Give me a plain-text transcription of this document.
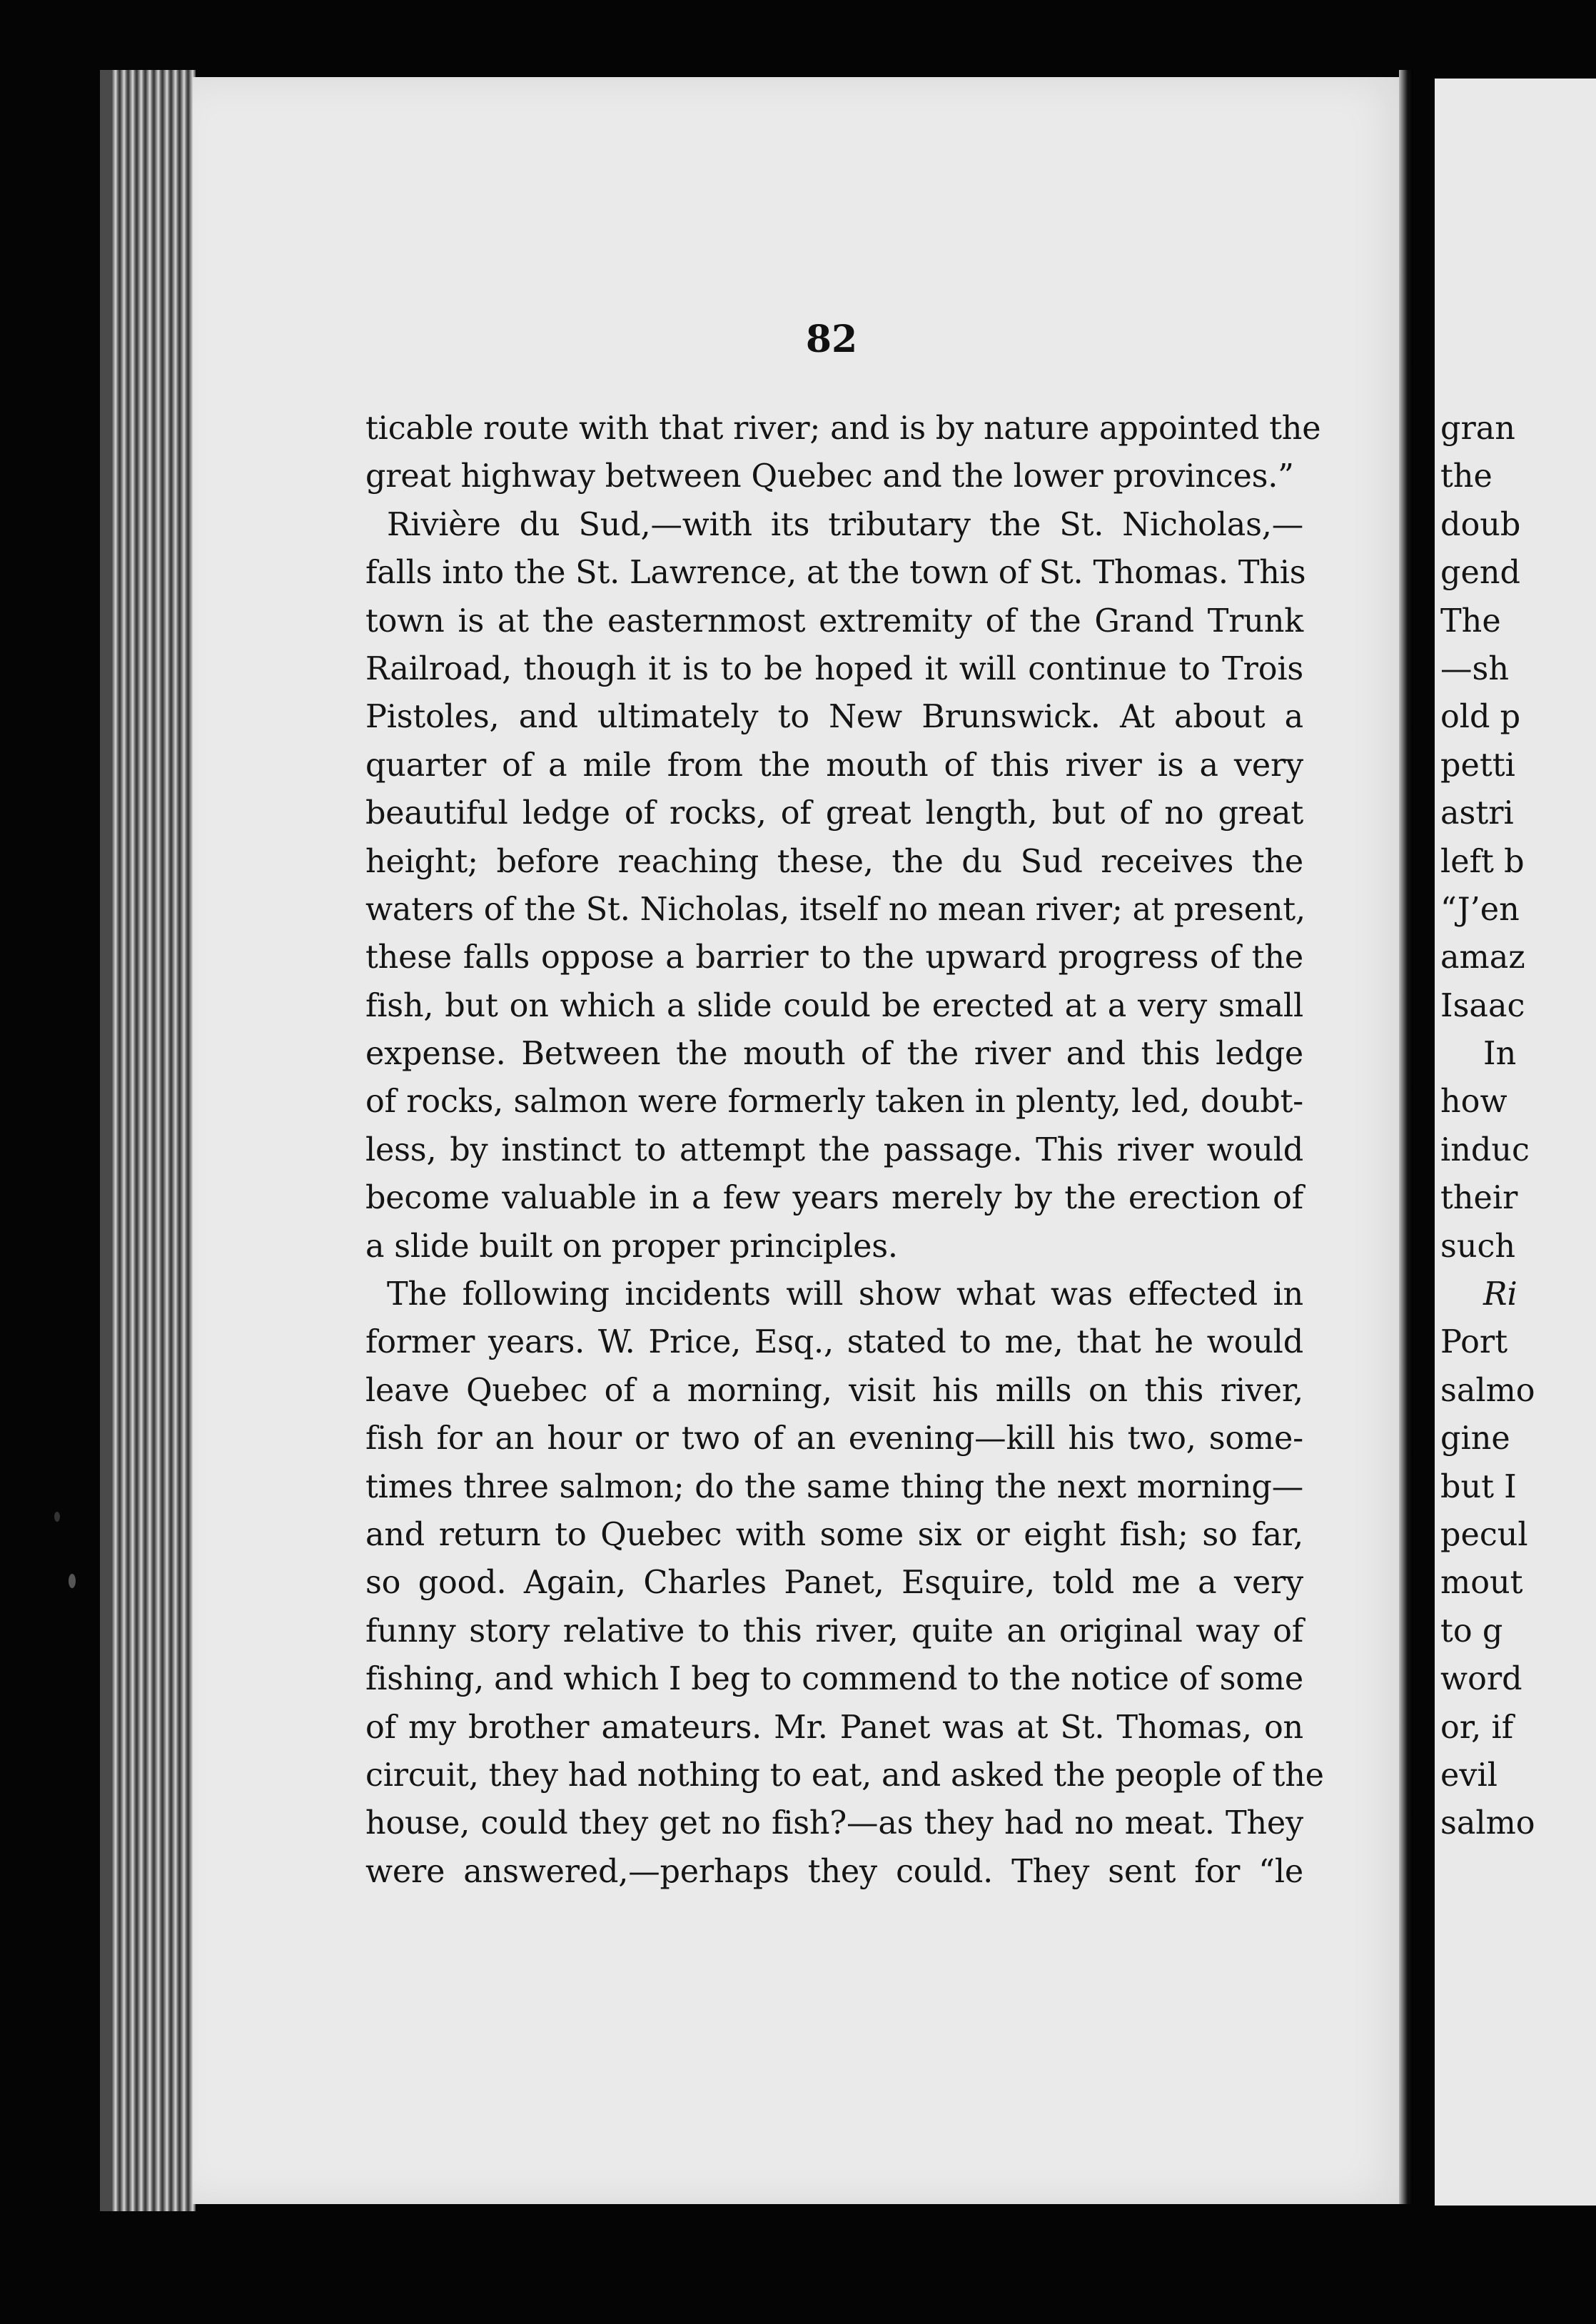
82
ticable route with that river; and is by nature appointed the
great highway between Quebec and the lower provinces.”
Rivière du Sud,—with its tributary the St. Nicholas,—
falls into the St. Lawrence, at the town of St. Thomas. This
town is at the easternmost extremity of the Grand Trunk
Railroad, though it is to be hoped it will continue to Trois
Pistoles, and ultimately to New Brunswick. At about a
quarter of a mile from the mouth of this river is a very
beautiful ledge of rocks, of great length, but of no great
height; before reaching these, the du Sud receives the
waters of the St. Nicholas, itself no mean river; at present,
these falls oppose a barrier to the upward progress of the
fish, but on which a slide could be erected at a very small
expense. Between the mouth of the river and this ledge
of rocks, salmon were formerly taken in plenty, led, doubt-
less, by instinct to attempt the passage. This river would
become valuable in a few years merely by the erection of
a slide built on proper principles.
The following incidents will show what was effected in
former years. W. Price, Esq., stated to me, that he would
leave Quebec of a morning, visit his mills on this river,
fish for an hour or two of an evening—kill his two, some-
times three salmon; do the same thing the next morning—
and return to Quebec with some six or eight fish; so far,
so good. Again, Charles Panet, Esquire, told me a very
funny story relative to this river, quite an original way of
fishing, and which I beg to commend to the notice of some
of my brother amateurs. Mr. Panet was at St. Thomas, on
circuit, they had nothing to eat, and asked the people of the
house, could they get no fish?—as they had no meat. They
were answered,—perhaps they could. They sent for “le
gran
the
doub
gend
The
—sh
old p
petti
astri
left b
“J’en
amaz
Isaac
In
how
induc
their
such
Ri
Port
salmo
gine
but I
pecul
mout
to g
word
or, if
evil
salmo
